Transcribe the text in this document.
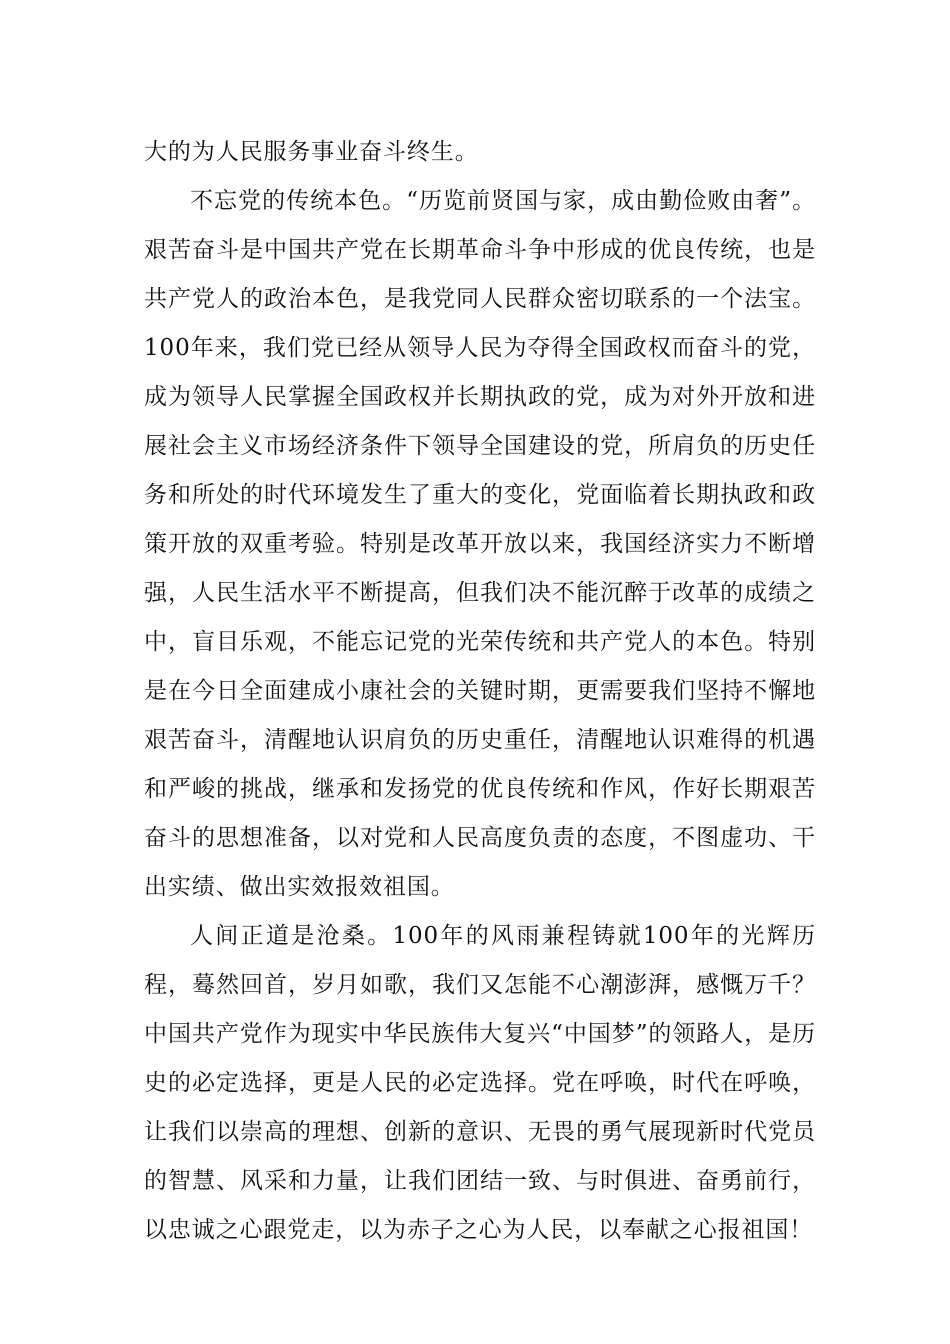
大的为人民服务事业奋斗终生。

不忘党的传统本色。“历览前贤国与家，成由勤俭败由奢”。艰苦奋斗是中国共产党在长期革命斗争中形成的优良传统，也是共产党人的政治本色，是我党同人民群众密切联系的一个法宝。100年来，我们党已经从领导人民为夺得全国政权而奋斗的党，成为领导人民掌握全国政权并长期执政的党，成为对外开放和进展社会主义市场经济条件下领导全国建设的党，所肩负的历史任务和所处的时代环境发生了重大的变化，党面临着长期执政和政策开放的双重考验。特别是改革开放以来，我国经济实力不断增强，人民生活水平不断提高，但我们决不能沉醉于改革的成绩之中，盲目乐观，不能忘记党的光荣传统和共产党人的本色。特别是在今日全面建成小康社会的关键时期，更需要我们坚持不懈地艰苦奋斗，清醒地认识肩负的历史重任，清醒地认识难得的机遇和严峻的挑战，继承和发扬党的优良传统和作风，作好长期艰苦奋斗的思想准备，以对党和人民高度负责的态度，不图虚功、干出实绩、做出实效报效祖国。

人间正道是沧桑。100年的风雨兼程铸就100年的光辉历程，蓦然回首，岁月如歌，我们又怎能不心潮澎湃，感慨万千？中国共产党作为现实中华民族伟大复兴“中国梦”的领路人，是历史的必定选择，更是人民的必定选择。党在呼唤，时代在呼唤，让我们以崇高的理想、创新的意识、无畏的勇气展现新时代党员的智慧、风采和力量，让我们团结一致、与时俱进、奋勇前行，以忠诚之心跟党走，以为赤子之心为人民，以奉献之心报祖国！
